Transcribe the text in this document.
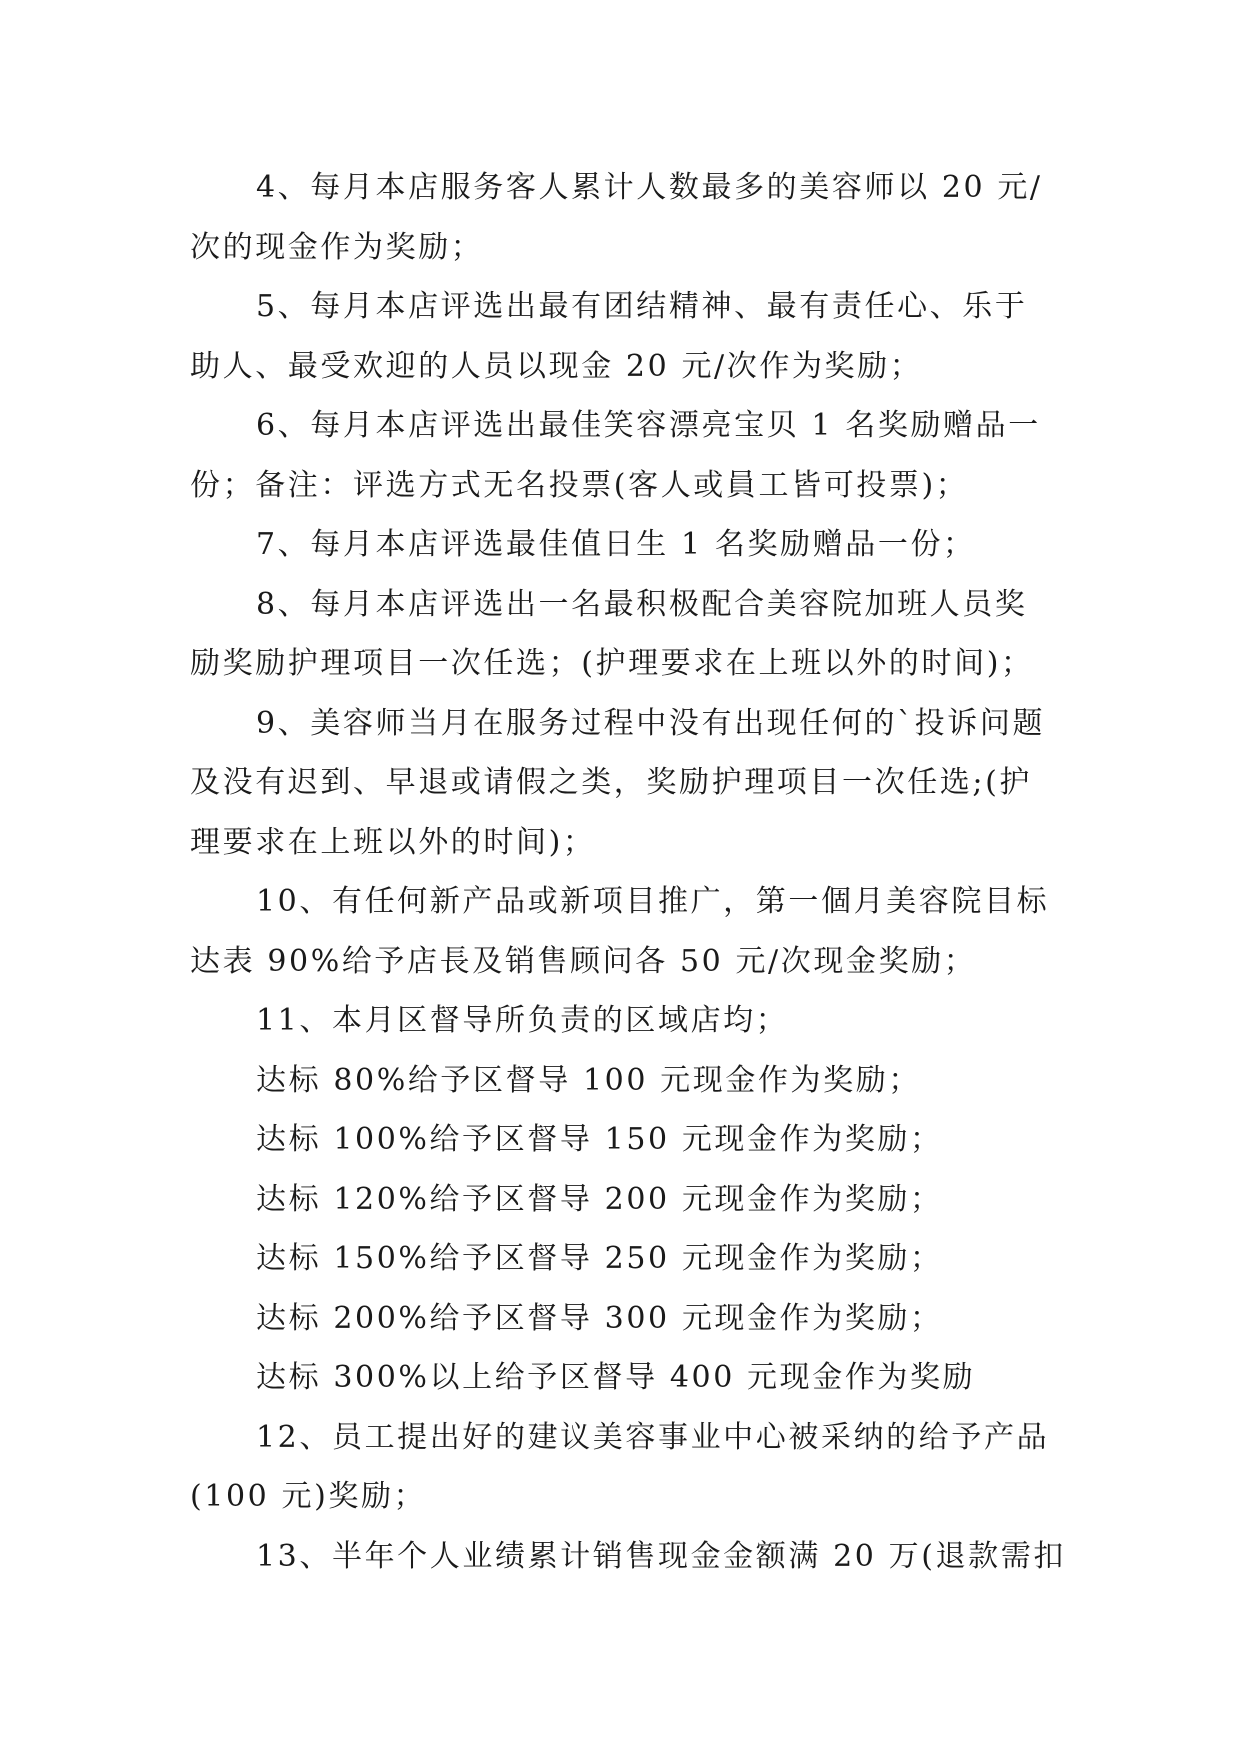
4、每月本店服务客人累计人数最多的美容师以 20 元/
次的现金作为奖励；
5、每月本店评选出最有团结精神、最有责任心、乐于
助人、最受欢迎的人员以现金 20 元/次作为奖励；
6、每月本店评选出最佳笑容漂亮宝贝 1 名奖励赠品一
份；备注：评选方式无名投票(客人或員工皆可投票)；
7、每月本店评选最佳值日生 1 名奖励赠品一份；
8、每月本店评选出一名最积极配合美容院加班人员奖
励奖励护理项目一次任选；(护理要求在上班以外的时间)；
9、美容师当月在服务过程中没有出现任何的`投诉问题
及没有迟到、早退或请假之类，奖励护理项目一次任选;(护
理要求在上班以外的时间)；
10、有任何新产品或新项目推广，第一個月美容院目标
达表 90%给予店長及销售顾问各 50 元/次现金奖励；
11、本月区督导所负责的区域店均；
达标 80%给予区督导 100 元现金作为奖励；
达标 100%给予区督导 150 元现金作为奖励；
达标 120%给予区督导 200 元现金作为奖励；
达标 150%给予区督导 250 元现金作为奖励；
达标 200%给予区督导 300 元现金作为奖励；
达标 300%以上给予区督导 400 元现金作为奖励
12、员工提出好的建议美容事业中心被采纳的给予产品
(100 元)奖励；
13、半年个人业绩累计销售现金金额满 20 万(退款需扣
